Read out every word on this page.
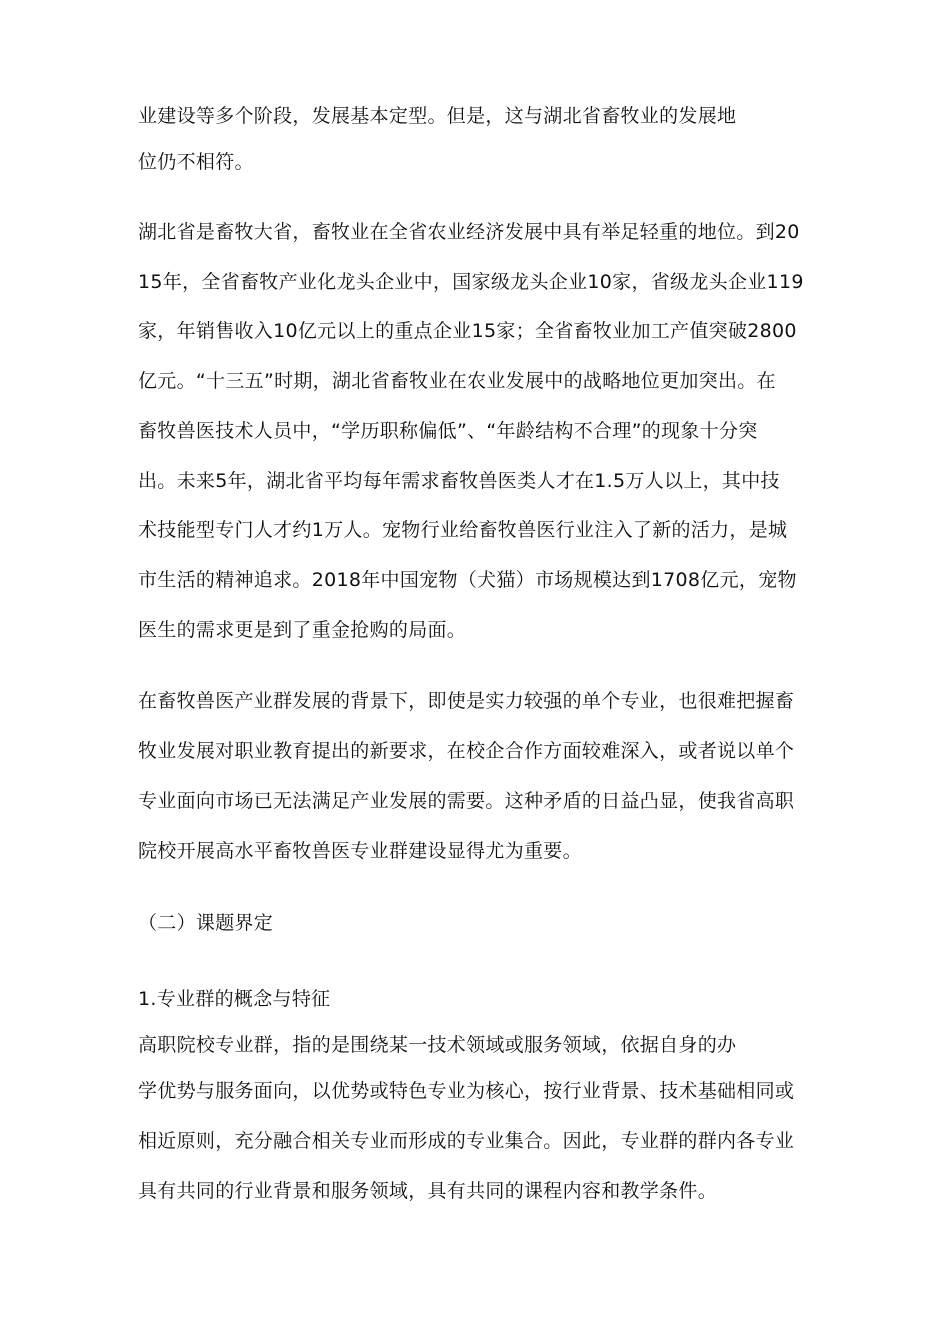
业建设等多个阶段，发展基本定型。但是，这与湖北省畜牧业的发展地
位仍不相符。
湖北省是畜牧大省，畜牧业在全省农业经济发展中具有举足轻重的地位。到20
15年，全省畜牧产业化龙头企业中，国家级龙头企业10家，省级龙头企业119
家，年销售收入10亿元以上的重点企业15家；全省畜牧业加工产值突破2800
亿元。“十三五”时期，湖北省畜牧业在农业发展中的战略地位更加突出。在
畜牧兽医技术人员中，“学历职称偏低”、“年龄结构不合理”的现象十分突
出。未来5年，湖北省平均每年需求畜牧兽医类人才在1.5万人以上，其中技
术技能型专门人才约1万人。宠物行业给畜牧兽医行业注入了新的活力，是城
市生活的精神追求。2018年中国宠物（犬猫）市场规模达到1708亿元，宠物
医生的需求更是到了重金抢购的局面。
在畜牧兽医产业群发展的背景下，即使是实力较强的单个专业，也很难把握畜
牧业发展对职业教育提出的新要求，在校企合作方面较难深入，或者说以单个
专业面向市场已无法满足产业发展的需要。这种矛盾的日益凸显，使我省高职
院校开展高水平畜牧兽医专业群建设显得尤为重要。
（二）课题界定
1.专业群的概念与特征
高职院校专业群，指的是围绕某一技术领域或服务领域，依据自身的办
学优势与服务面向，以优势或特色专业为核心，按行业背景、技术基础相同或
相近原则，充分融合相关专业而形成的专业集合。因此，专业群的群内各专业
具有共同的行业背景和服务领域，具有共同的课程内容和教学条件。
